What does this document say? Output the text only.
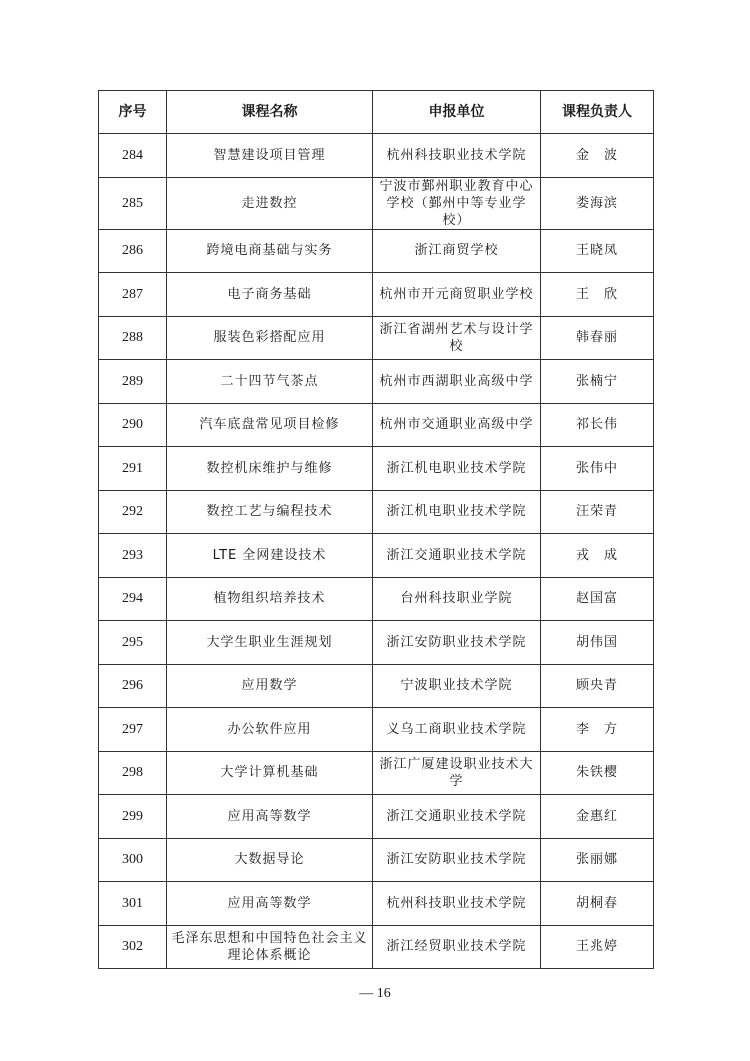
序号	课程名称	申报单位	课程负责人
284	智慧建设项目管理	杭州科技职业技术学院	金　波
285	走进数控	宁波市鄞州职业教育中心学校（鄞州中等专业学校）	娄海滨
286	跨境电商基础与实务	浙江商贸学校	王晓凤
287	电子商务基础	杭州市开元商贸职业学校	王　欣
288	服装色彩搭配应用	浙江省湖州艺术与设计学校	韩春丽
289	二十四节气茶点	杭州市西湖职业高级中学	张楠宁
290	汽车底盘常见项目检修	杭州市交通职业高级中学	祁长伟
291	数控机床维护与维修	浙江机电职业技术学院	张伟中
292	数控工艺与编程技术	浙江机电职业技术学院	汪荣青
293	LTE 全网建设技术	浙江交通职业技术学院	戎　成
294	植物组织培养技术	台州科技职业学院	赵国富
295	大学生职业生涯规划	浙江安防职业技术学院	胡伟国
296	应用数学	宁波职业技术学院	顾央青
297	办公软件应用	义乌工商职业技术学院	李　方
298	大学计算机基础	浙江广厦建设职业技术大学	朱铁樱
299	应用高等数学	浙江交通职业技术学院	金惠红
300	大数据导论	浙江安防职业技术学院	张丽娜
301	应用高等数学	杭州科技职业技术学院	胡桐春
302	毛泽东思想和中国特色社会主义理论体系概论	浙江经贸职业技术学院	王兆婷
— 16
